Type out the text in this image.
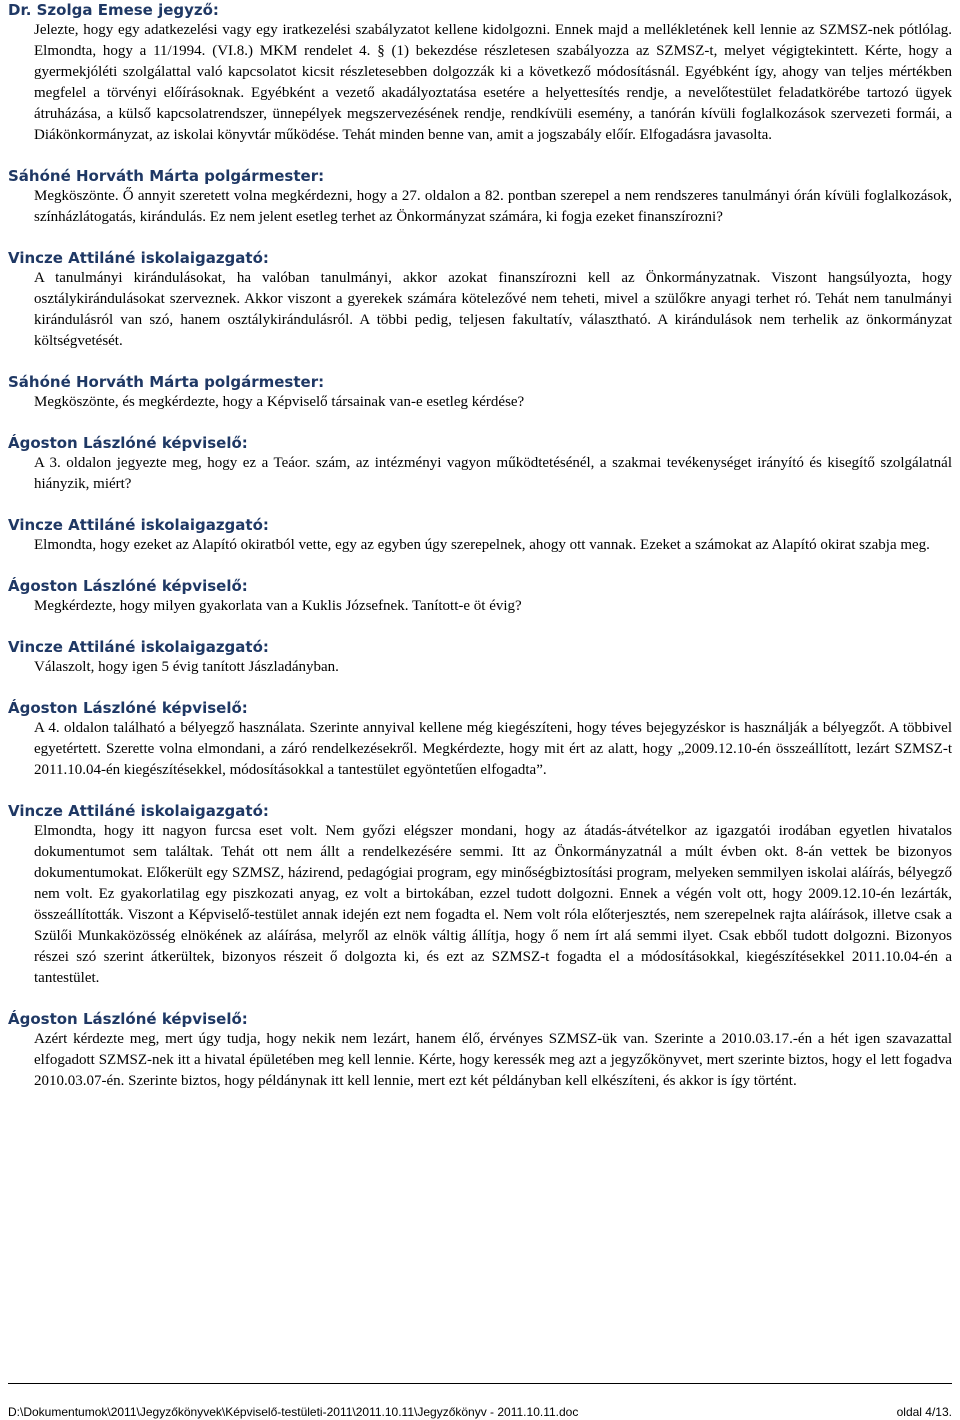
Dr. Szolga Emese jegyző:

Jelezte, hogy egy adatkezelési vagy egy iratkezelési szabályzatot kellene kidolgozni. Ennek majd a mellékletének kell lennie az SZMSZ-nek pótlólag. Elmondta, hogy a 11/1994. (VI.8.) MKM rendelet 4. § (1) bekezdése részletesen szabályozza az SZMSZ-t, melyet végigtekintett. Kérte, hogy a gyermekjóléti szolgálattal való kapcsolatot kicsit részletesebben dolgozzák ki a következő módosításnál. Egyébként így, ahogy van teljes mértékben megfelel a törvényi előírásoknak. Egyébként a vezető akadályoztatása esetére a helyettesítés rendje, a nevelőtestület feladatkörébe tartozó ügyek átruházása, a külső kapcsolatrendszer, ünnepélyek megszervezésének rendje, rendkívüli esemény, a tanórán kívüli foglalkozások szervezeti formái, a Diákönkormányzat, az iskolai könyvtár működése. Tehát minden benne van, amit a jogszabály előír. Elfogadásra javasolta.

Sáhóné Horváth Márta polgármester:

Megköszönte. Ő annyit szeretett volna megkérdezni, hogy a 27. oldalon a 82. pontban szerepel a nem rendszeres tanulmányi órán kívüli foglalkozások, színházlátogatás, kirándulás. Ez nem jelent esetleg terhet az Önkormányzat számára, ki fogja ezeket finanszírozni?

Vincze Attiláné iskolaigazgató:

A tanulmányi kirándulásokat, ha valóban tanulmányi, akkor azokat finanszírozni kell az Önkormányzatnak. Viszont hangsúlyozta, hogy osztálykirándulásokat szerveznek. Akkor viszont a gyerekek számára kötelezővé nem teheti, mivel a szülőkre anyagi terhet ró. Tehát nem tanulmányi kirándulásról van szó, hanem osztálykirándulásról. A többi pedig, teljesen fakultatív, választható. A kirándulások nem terhelik az önkormányzat költségvetését.

Sáhóné Horváth Márta polgármester:

Megköszönte, és megkérdezte, hogy a Képviselő társainak van-e esetleg kérdése?

Ágoston Lászlóné képviselő:

A 3. oldalon jegyezte meg, hogy ez a Teáor. szám, az intézményi vagyon működtetésénél, a szakmai tevékenységet irányító és kisegítő szolgálatnál hiányzik, miért?

Vincze Attiláné iskolaigazgató:

Elmondta, hogy ezeket az Alapító okiratból vette, egy az egyben úgy szerepelnek, ahogy ott vannak. Ezeket a számokat az Alapító okirat szabja meg.

Ágoston Lászlóné képviselő:

Megkérdezte, hogy milyen gyakorlata van a Kuklis Józsefnek. Tanított-e öt évig?

Vincze Attiláné iskolaigazgató:

Válaszolt, hogy igen 5 évig tanított Jászladányban.

Ágoston Lászlóné képviselő:

A 4. oldalon található a bélyegző használata. Szerinte annyival kellene még kiegészíteni, hogy téves bejegyzéskor is használják a bélyegzőt. A többivel egyetértett. Szerette volna elmondani, a záró rendelkezésekről. Megkérdezte, hogy mit ért az alatt, hogy „2009.12.10-én összeállított, lezárt SZMSZ-t 2011.10.04-én kiegészítésekkel, módosításokkal a tantestület egyöntetűen elfogadta”.

Vincze Attiláné iskolaigazgató:

Elmondta, hogy itt nagyon furcsa eset volt. Nem győzi elégszer mondani, hogy az átadás-átvételkor az igazgatói irodában egyetlen hivatalos dokumentumot sem találtak. Tehát ott nem állt a rendelkezésére semmi. Itt az Önkormányzatnál a múlt évben okt. 8-án vettek be bizonyos dokumentumokat. Előkerült egy SZMSZ, házirend, pedagógiai program, egy minőségbiztosítási program, melyeken semmilyen iskolai aláírás, bélyegző nem volt. Ez gyakorlatilag egy piszkozati anyag, ez volt a birtokában, ezzel tudott dolgozni. Ennek a végén volt ott, hogy 2009.12.10-én lezárták, összeállították. Viszont a Képviselő-testület annak idején ezt nem fogadta el. Nem volt róla előterjesztés, nem szerepelnek rajta aláírások, illetve csak a Szülői Munkaközösség elnökének az aláírása, melyről az elnök váltig állítja, hogy ő nem írt alá semmi ilyet. Csak ebből tudott dolgozni. Bizonyos részei szó szerint átkerültek, bizonyos részeit ő dolgozta ki, és ezt az SZMSZ-t fogadta el a módosításokkal, kiegészítésekkel 2011.10.04-én a tantestület.

Ágoston Lászlóné képviselő:

Azért kérdezte meg, mert úgy tudja, hogy nekik nem lezárt, hanem élő, érvényes SZMSZ-ük van. Szerinte a 2010.03.17.-én a hét igen szavazattal elfogadott SZMSZ-nek itt a hivatal épületében meg kell lennie. Kérte, hogy keressék meg azt a jegyzőkönyvet, mert szerinte biztos, hogy el lett fogadva 2010.03.07-én. Szerinte biztos, hogy példánynak itt kell lennie, mert ezt két példányban kell elkészíteni, és akkor is így történt.

D:\Dokumentumok\2011\Jegyzőkönyvek\Képviselő-testületi-2011\2011.10.11\Jegyzőkönyv - 2011.10.11.doc	oldal 4/13.
